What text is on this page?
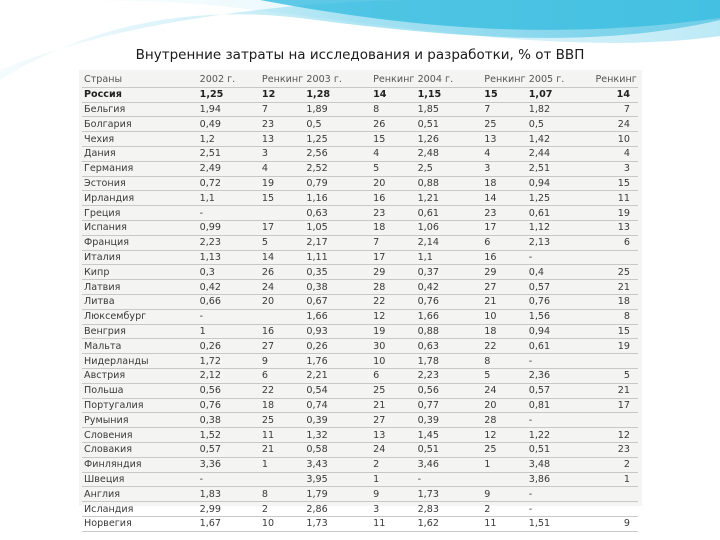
Внутренние затраты на исследования и разработки, % от ВВП
Страны	2002 г.	Ренкинг	2003 г.	Ренкинг	2004 г.	Ренкинг	2005 г.	Ренкинг
Россия	1,25	12	1,28	14	1,15	15	1,07	14
Бельгия	1,94	7	1,89	8	1,85	7	1,82	7
Болгария	0,49	23	0,5	26	0,51	25	0,5	24
Чехия	1,2	13	1,25	15	1,26	13	1,42	10
Дания	2,51	3	2,56	4	2,48	4	2,44	4
Германия	2,49	4	2,52	5	2,5	3	2,51	3
Эстония	0,72	19	0,79	20	0,88	18	0,94	15
Ирландия	1,1	15	1,16	16	1,21	14	1,25	11
Греция	-		0,63	23	0,61	23	0,61	19
Испания	0,99	17	1,05	18	1,06	17	1,12	13
Франция	2,23	5	2,17	7	2,14	6	2,13	6
Италия	1,13	14	1,11	17	1,1	16	-	
Кипр	0,3	26	0,35	29	0,37	29	0,4	25
Латвия	0,42	24	0,38	28	0,42	27	0,57	21
Литва	0,66	20	0,67	22	0,76	21	0,76	18
Люксембург	-		1,66	12	1,66	10	1,56	8
Венгрия	1	16	0,93	19	0,88	18	0,94	15
Мальта	0,26	27	0,26	30	0,63	22	0,61	19
Нидерланды	1,72	9	1,76	10	1,78	8	-	
Австрия	2,12	6	2,21	6	2,23	5	2,36	5
Польша	0,56	22	0,54	25	0,56	24	0,57	21
Португалия	0,76	18	0,74	21	0,77	20	0,81	17
Румыния	0,38	25	0,39	27	0,39	28	-	
Словения	1,52	11	1,32	13	1,45	12	1,22	12
Словакия	0,57	21	0,58	24	0,51	25	0,51	23
Финляндия	3,36	1	3,43	2	3,46	1	3,48	2
Швеция	-		3,95	1	-		3,86	1
Англия	1,83	8	1,79	9	1,73	9	-	
Исландия	2,99	2	2,86	3	2,83	2	-	
Норвегия	1,67	10	1,73	11	1,62	11	1,51	9
